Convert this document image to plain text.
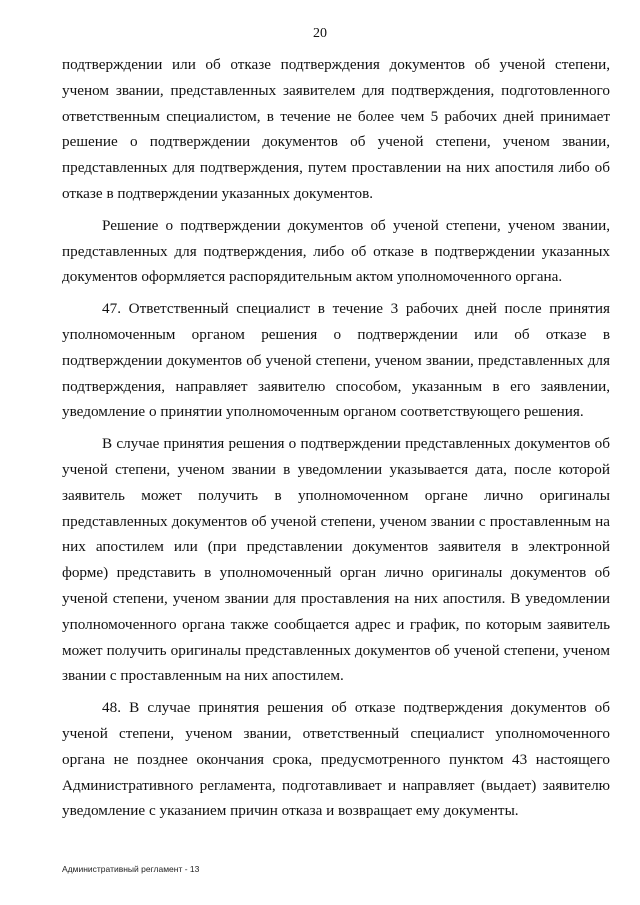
20

подтверждении или об отказе подтверждения документов об ученой степени, ученом звании, представленных заявителем для подтверждения, подготовленного ответственным специалистом, в течение не более чем 5 рабочих дней принимает решение о подтверждении документов об ученой степени, ученом звании, представленных для подтверждения, путем проставлении на них апостиля либо об отказе в подтверждении указанных документов.

Решение о подтверждении документов об ученой степени, ученом звании, представленных для подтверждения, либо об отказе в подтверждении указанных документов оформляется распорядительным актом уполномоченного органа.

47. Ответственный специалист в течение 3 рабочих дней после принятия уполномоченным органом решения о подтверждении или об отказе в подтверждении документов об ученой степени, ученом звании, представленных для подтверждения, направляет заявителю способом, указанным в его заявлении, уведомление о принятии уполномоченным органом соответствующего решения.

В случае принятия решения о подтверждении представленных документов об ученой степени, ученом звании в уведомлении указывается дата, после которой заявитель может получить в уполномоченном органе лично оригиналы представленных документов об ученой степени, ученом звании с проставленным на них апостилем или (при представлении документов заявителя в электронной форме) представить в уполномоченный орган лично оригиналы документов об ученой степени, ученом звании для проставления на них апостиля. В уведомлении уполномоченного органа также сообщается адрес и график, по которым заявитель может получить оригиналы представленных документов об ученой степени, ученом звании с проставленным на них апостилем.

48. В случае принятия решения об отказе подтверждения документов об ученой степени, ученом звании, ответственный специалист уполномоченного органа не позднее окончания срока, предусмотренного пунктом 43 настоящего Административного регламента, подготавливает и направляет (выдает) заявителю уведомление с указанием причин отказа и возвращает ему документы.

Административный регламент - 13
